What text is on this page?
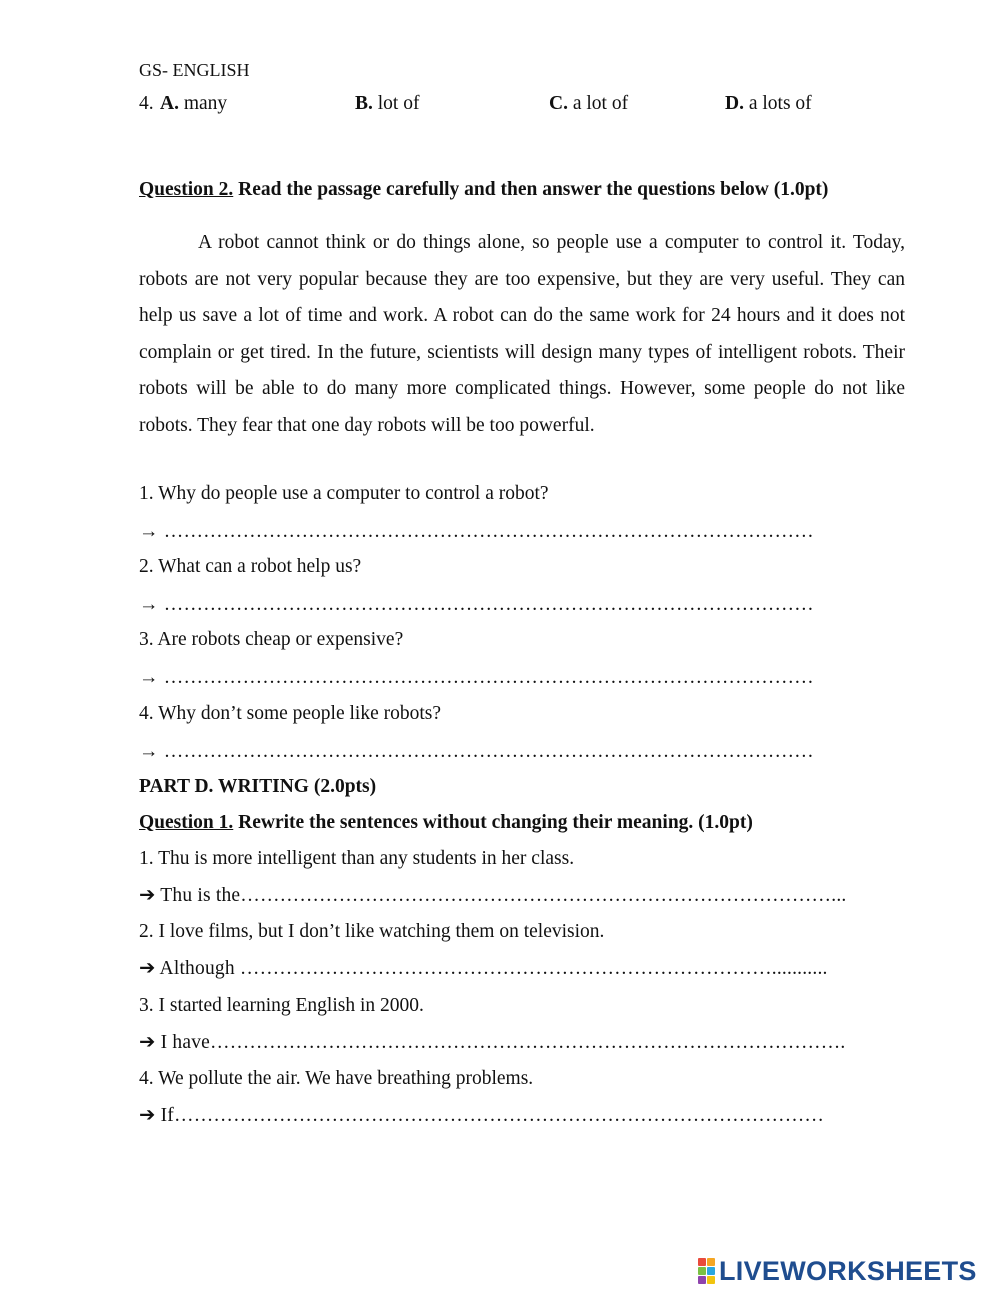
GS- ENGLISH
4. A. many	B. lot of	C. a lot of	D. a lots of
Question 2. Read the passage carefully and then answer the questions below (1.0pt)
A robot cannot think or do things alone, so people use a computer to control it. Today, robots are not very popular because they are too expensive, but they are very useful. They can help us save a lot of time and work. A robot can do the same work for 24 hours and it does not complain or get tired. In the future, scientists will design many types of intelligent robots. Their robots will be able to do many more complicated things. However, some people do not like robots. They fear that one day robots will be too powerful.
1. Why do people use a computer to control a robot?
→ ………………………………………………………………………………………
2. What can a robot help us?
→ ………………………………………………………………………………………
3. Are robots cheap or expensive?
→ ………………………………………………………………………………………
4. Why don’t some people like robots?
→ ………………………………………………………………………………………
PART D. WRITING (2.0pts)
Question 1. Rewrite the sentences without changing their meaning. (1.0pt)
1. Thu is more intelligent than any students in her class.
➔ Thu is the………………………………………………………………………………...
2. I love films, but I don’t like watching them on television.
➔ Although ………………………………………………………………………...........
3. I started learning English in 2000.
➔ I have…………………………………………………………………………………….
4. We pollute the air. We have breathing problems.
➔ If………………………………………………………………………………………
LIVEWORKSHEETS
